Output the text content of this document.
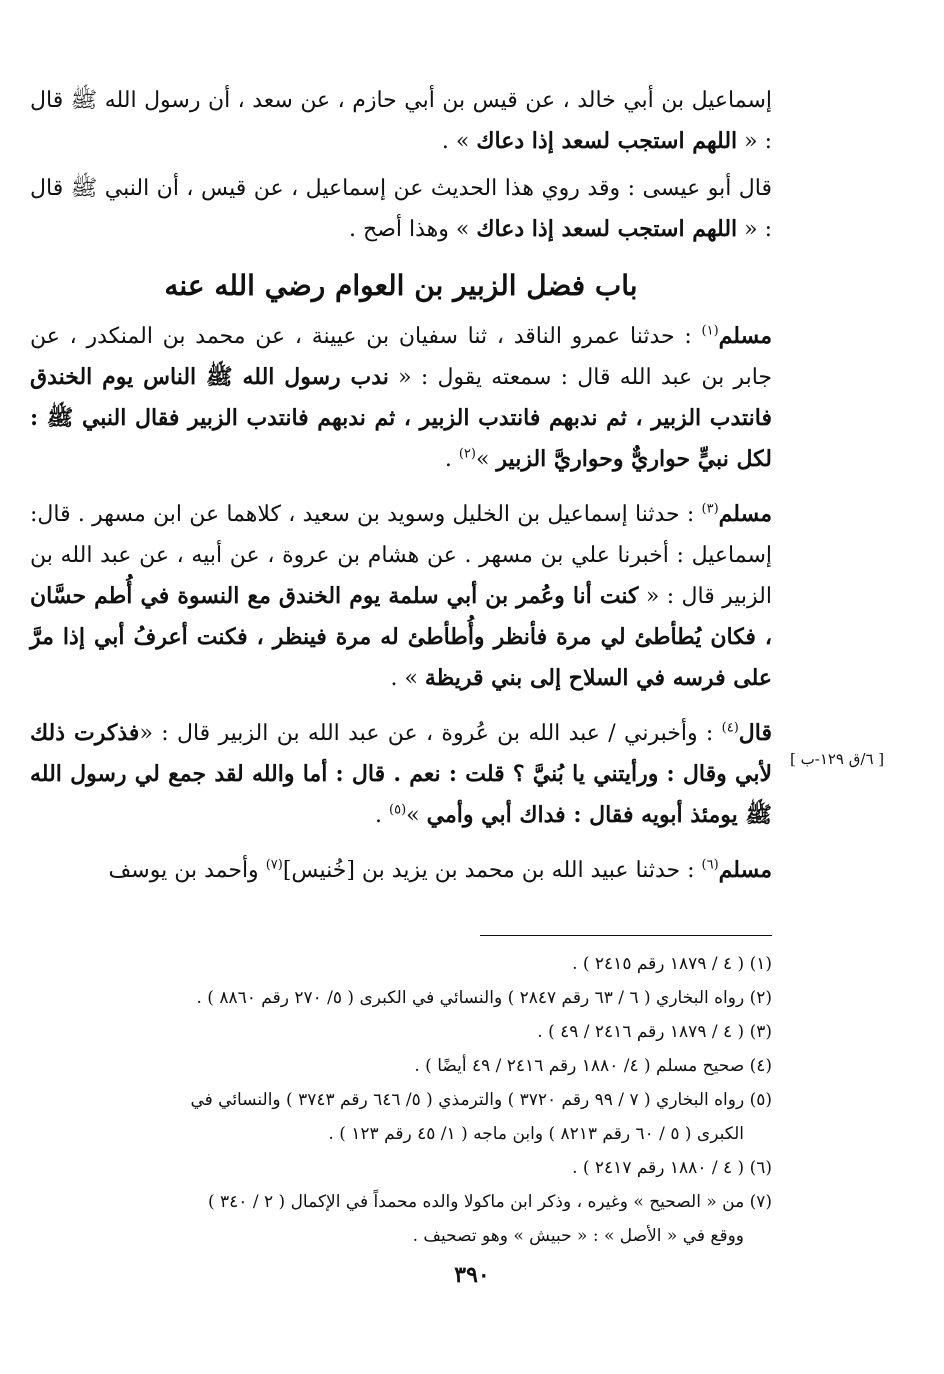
إسماعيل بن أبي خالد ، عن قيس بن أبي حازم ، عن سعد ، أن رسول الله ﷺ قال : « اللهم استجب لسعد إذا دعاك » .

قال أبو عيسى : وقد روي هذا الحديث عن إسماعيل ، عن قيس ، أن النبي ﷺ قال : « اللهم استجب لسعد إذا دعاك » وهذا أصح .

باب فضل الزبير بن العوام رضي الله عنه

مسلم$^{(١)}$ : حدثنا عمرو الناقد ، ثنا سفيان بن عيينة ، عن محمد بن المنكدر ، عن جابر بن عبد الله قال : سمعته يقول : « ندب رسول الله ﷺ الناس يوم الخندق فانتدب الزبير ، ثم ندبهم فانتدب الزبير ، ثم ندبهم فانتدب الزبير فقال النبي ﷺ : لكل نبيٍّ حواريٌّ وحواريَّ الزبير »$^{(٢)}$ .

مسلم$^{(٣)}$ : حدثنا إسماعيل بن الخليل وسويد بن سعيد ، كلاهما عن ابن مسهر . قال: إسماعيل : أخبرنا علي بن مسهر . عن هشام بن عروة ، عن أبيه ، عن عبد الله بن الزبير قال : « كنت أنا وعُمر بن أبي سلمة يوم الخندق مع النسوة في أُطم حسَّان ، فكان يُطأطئ لي مرة فأنظر وأُطأطئ له مرة فينظر ، فكنت أعرفُ أبي إذا مرَّ على فرسه في السلاح إلى بني قريظة » .

قال$^{(٤)}$ : وأخبرني / عبد الله بن عُروة ، عن عبد الله بن الزبير قال : «فذكرت ذلك لأبي وقال : ورأيتني يا بُنيَّ ؟ قلت : نعم . قال : أما والله لقد جمع لي رسول الله ﷺ يومئذ أبويه فقال : فداك أبي وأمي »$^{(٥)}$ .

مسلم$^{(٦)}$ : حدثنا عبيد الله بن محمد بن يزيد بن [خُنيس]$^{(٧)}$ وأحمد بن يوسف

[ ٦/ق ١٢٩-ب ]

(١) ( ٤ / ١٨٧٩ رقم ٢٤١٥ ) .

(٢) رواه البخاري ( ٦ / ٦٣ رقم ٢٨٤٧ ) والنسائي في الكبرى ( ٥/ ٢٧٠ رقم ٨٨٦٠ ) .

(٣) ( ٤ / ١٨٧٩ رقم ٢٤١٦ / ٤٩ ) .

(٤) صحيح مسلم ( ٤/ ١٨٨٠ رقم ٢٤١٦ / ٤٩ أيضًا ) .

(٥) رواه البخاري ( ٧ / ٩٩ رقم ٣٧٢٠ ) والترمذي ( ٥/ ٦٤٦ رقم ٣٧٤٣ ) والنسائي في

الكبرى ( ٥ / ٦٠ رقم ٨٢١٣ ) وابن ماجه ( ١/ ٤٥ رقم ١٢٣ ) .

(٦) ( ٤ / ١٨٨٠ رقم ٢٤١٧ ) .

(٧) من « الصحيح » وغيره ، وذكر ابن ماكولا والده محمداً في الإكمال ( ٢ / ٣٤٠ )

ووقع في « الأصل » : « حبيش » وهو تصحيف .

٣٩٠
